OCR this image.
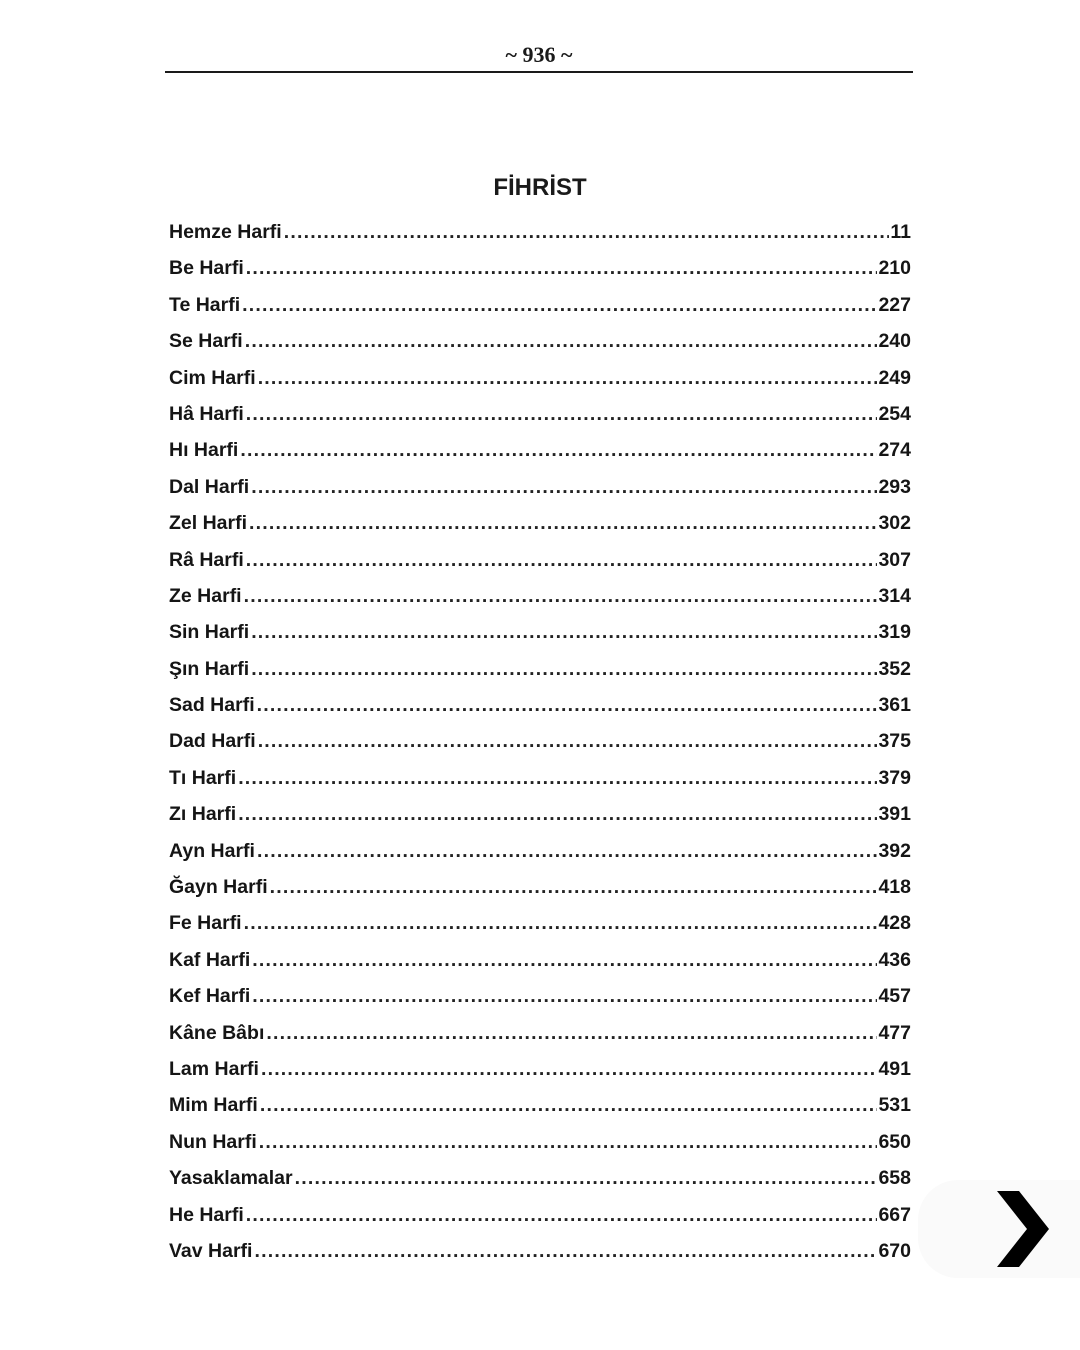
~ 936 ~
FİHRİST
Hemze Harfi .....	11
Be Harfi .....	210
Te Harfi .....	227
Se Harfi .....	240
Cim Harfi .....	249
Hâ Harfi .....	254
Hı Harfi .....	274
Dal Harfi .....	293
Zel Harfi .....	302
Râ Harfi .....	307
Ze Harfi .....	314
Sin Harfi .....	319
Şın Harfi .....	352
Sad Harfi .....	361
Dad Harfi .....	375
Tı Harfi .....	379
Zı Harfi .....	391
Ayn Harfi .....	392
Ğayn Harfi .....	418
Fe Harfi .....	428
Kaf Harfi .....	436
Kef Harfi .....	457
Kâne Bâbı .....	477
Lam Harfi .....	491
Mim Harfi .....	531
Nun Harfi .....	650
Yasaklamalar .....	658
He Harfi .....	667
Vav Harfi .....	670
